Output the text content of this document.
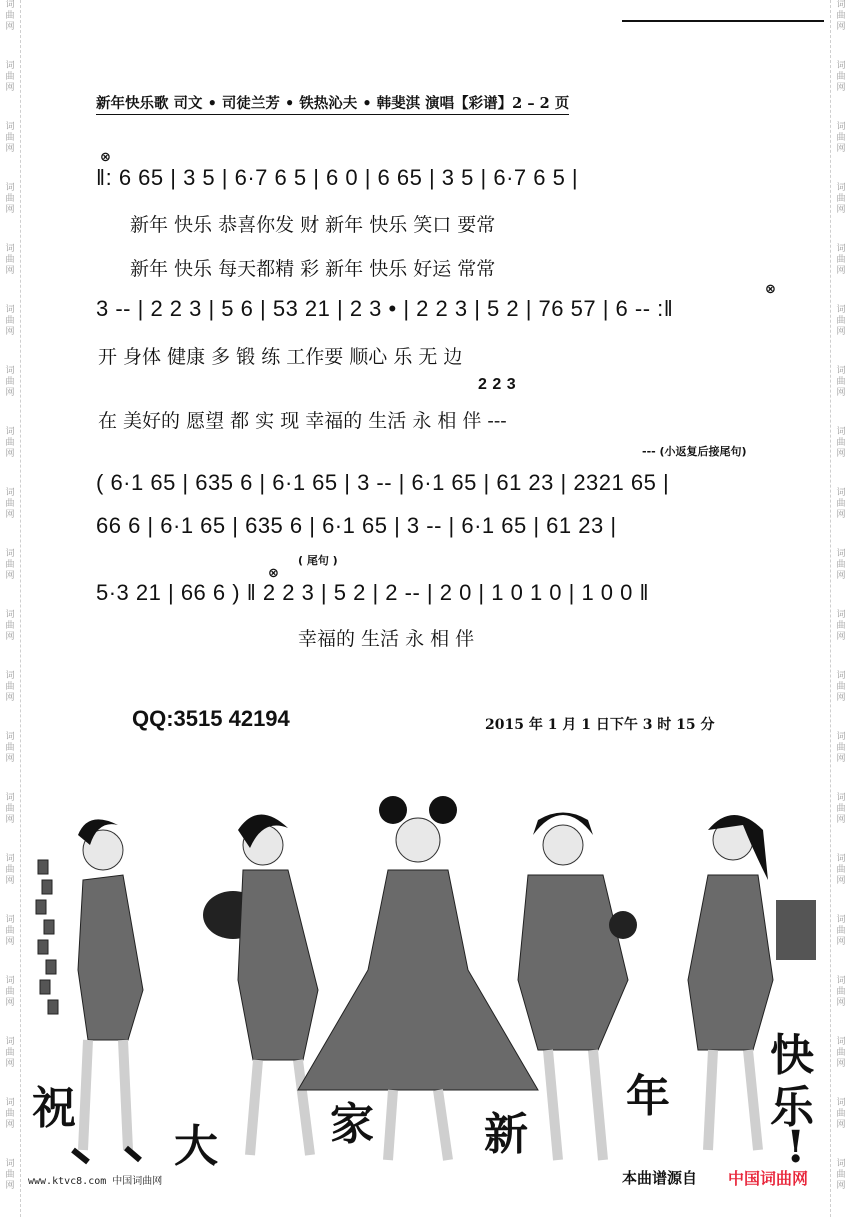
词曲网
词曲网
词曲网
词曲网
词曲网
词曲网
词曲网
词曲网
词曲网
词曲网
词曲网
词曲网
词曲网
词曲网
词曲网
词曲网
词曲网
词曲网
词曲网
词曲网
词曲网
词曲网
词曲网
词曲网
词曲网
词曲网
词曲网
词曲网
词曲网
词曲网
词曲网
词曲网
词曲网
词曲网
词曲网
词曲网
词曲网
词曲网
词曲网
词曲网
新年快乐歌 司文 • 司徒兰芳 • 铁热沁夫 • 韩斐淇 演唱【彩谱】2 – 2 页
⊗
‖: 6 65 | 3 5 | 6·7 6 5 | 6 0 | 6 65 | 3 5 | 6·7 6 5 |
新年 快乐 恭喜你发 财 新年 快乐 笑口 要常
新年 快乐 每天都精 彩 新年 快乐 好运 常常
3 -- | 2 2 3 | 5 6 | 53 21 | 2 3 • | 2 2 3 | 5 2 | 76 57 | 6 -- :‖
⊗
开 身体 健康 多 锻 练 工作要 顺心 乐 无 边
2 2 3
在 美好的 愿望 都 实 现 幸福的 生活 永 相 伴 ---
--- (小返复后接尾句)
( 6·1 65 | 635 6 | 6·1 65 | 3 -- | 6·1 65 | 61 23 | 2321 65 |
66 6 | 6·1 65 | 635 6 | 6·1 65 | 3 -- | 6·1 65 | 61 23 |
( 尾句 )
⊗
5·3 21 | 66 6 ) ‖ 2 2 3 | 5 2 | 2 -- | 2 0 | 1 0 1 0 | 1 0 0 ‖
幸福的 生活 永 相 伴
QQ:3515 42194	2015 年 1 月 1 日下午 3 时 15 分
祝
大	家	新
年
快乐
!
www.ktvc8.com 中国词曲网	本曲谱源自 中国词曲网
